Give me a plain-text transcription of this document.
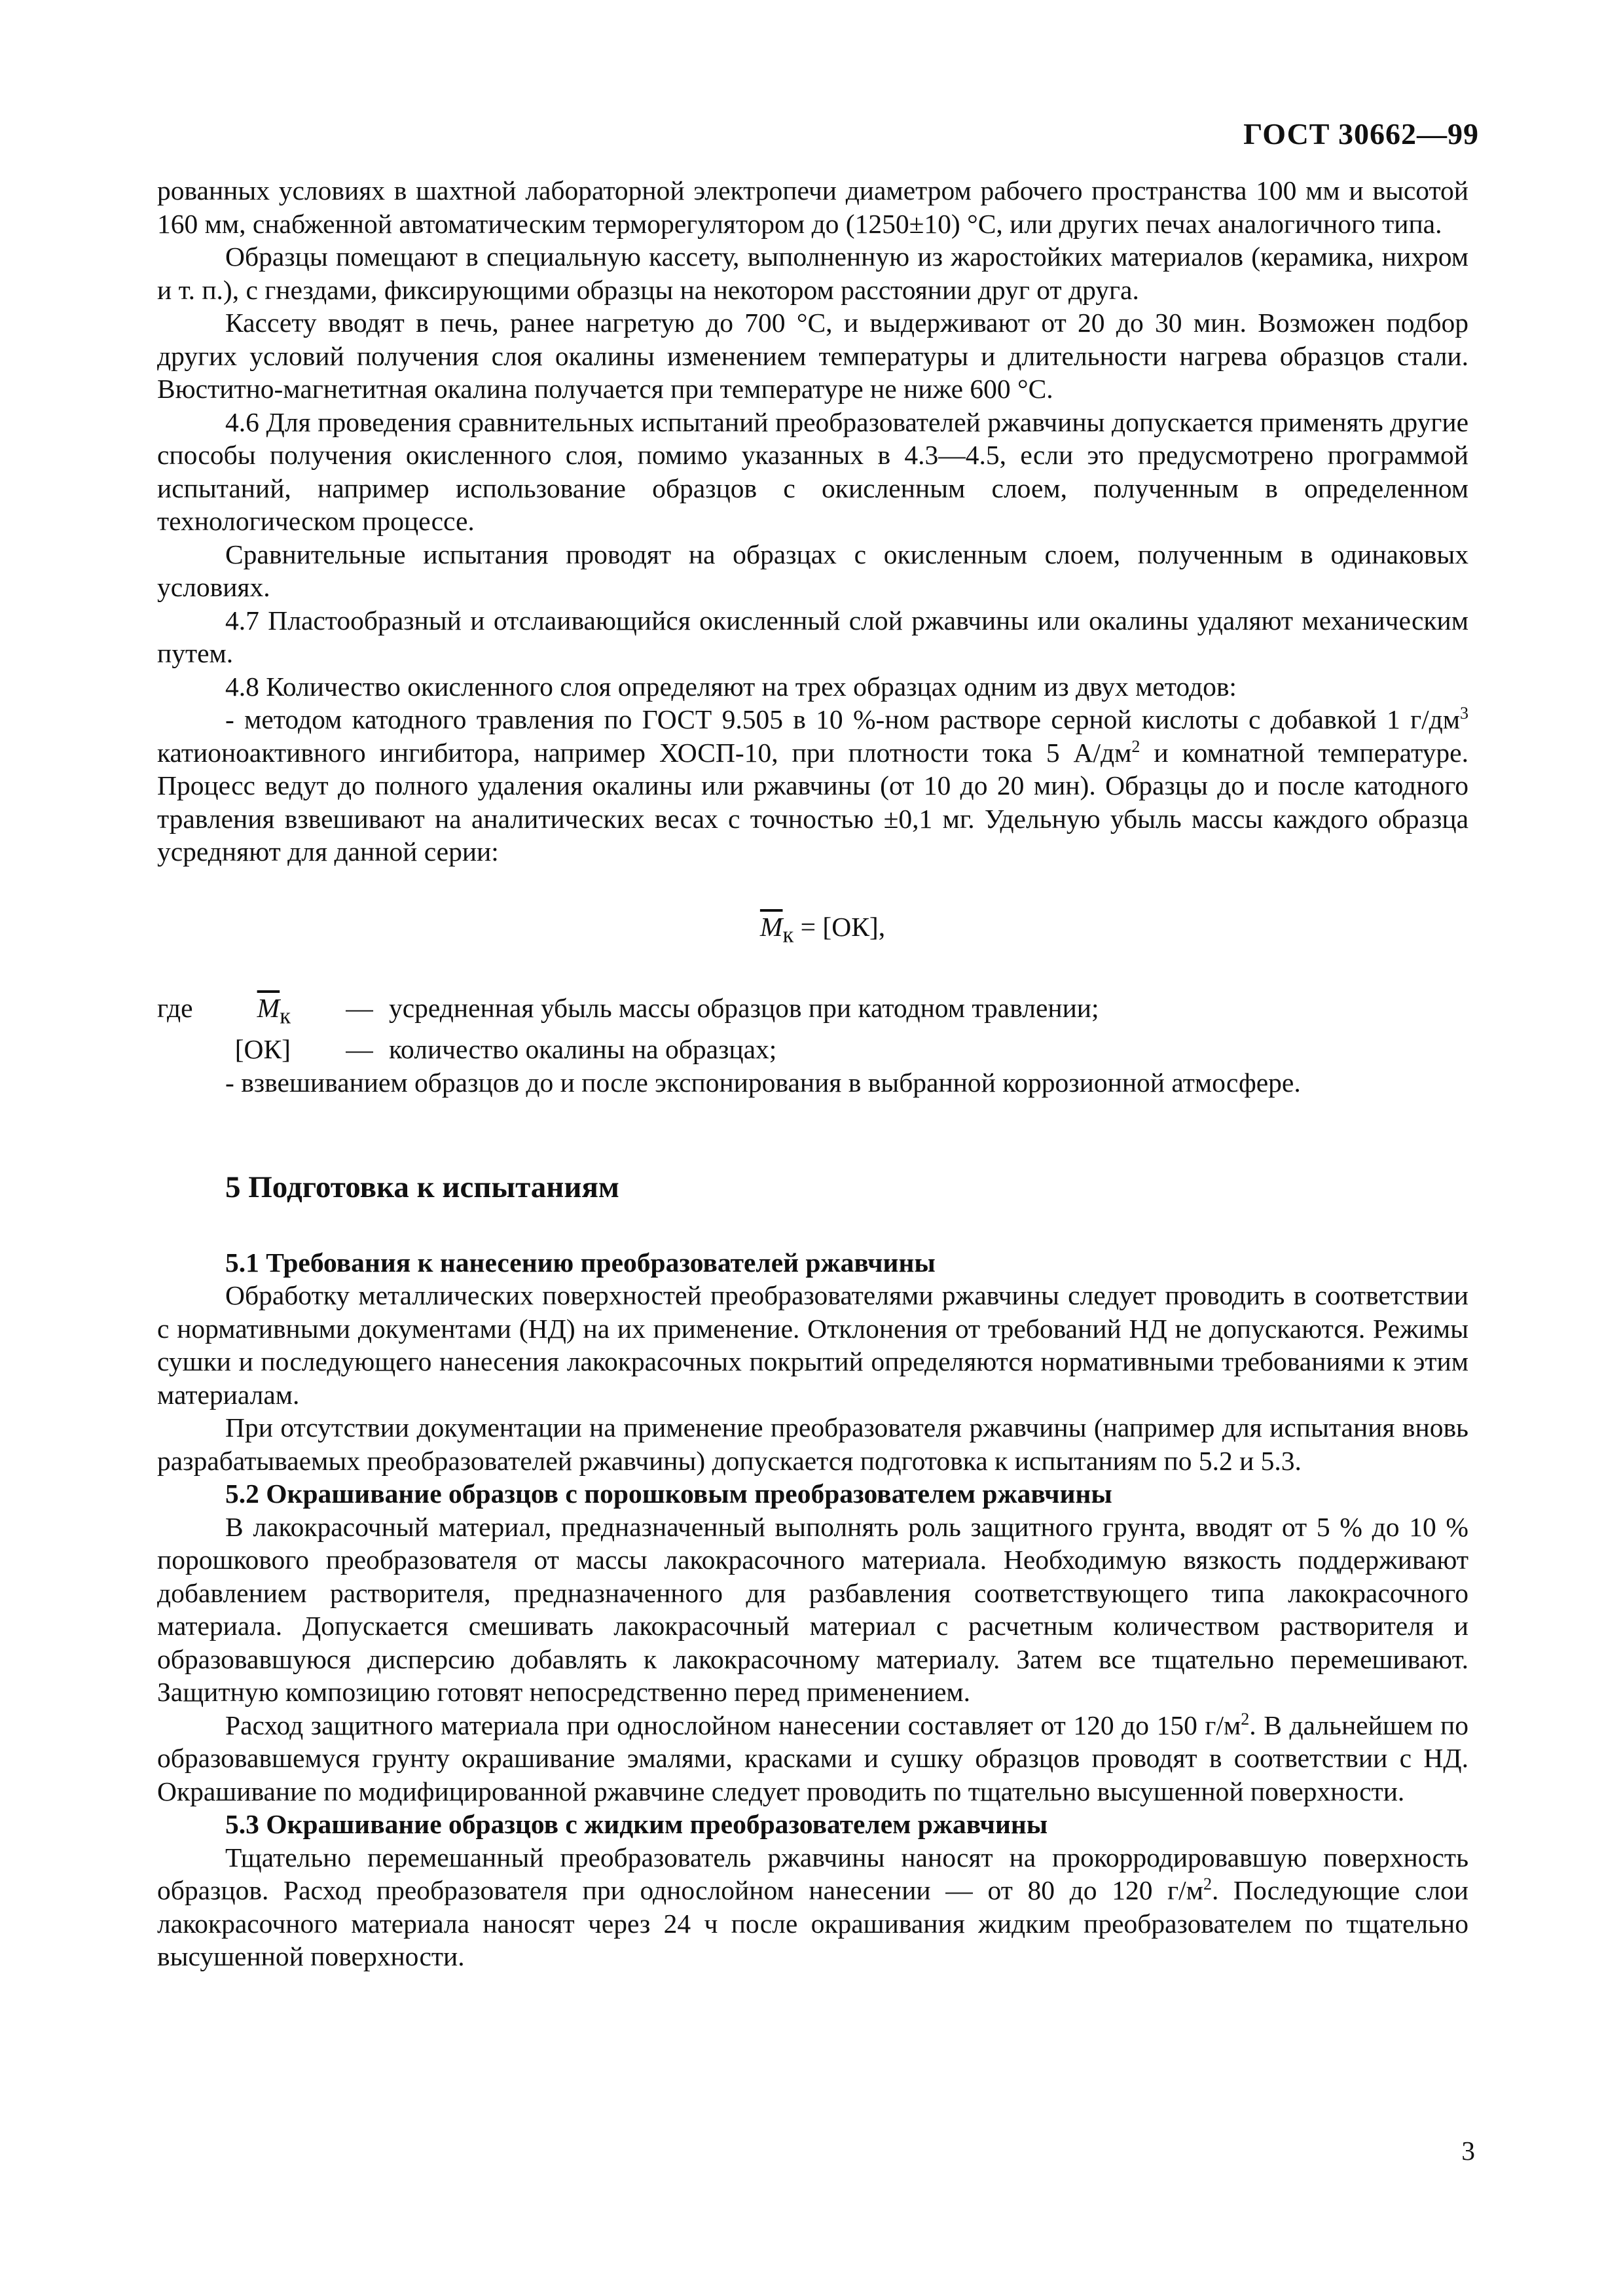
ГОСТ 30662—99

рованных условиях в шахтной лабораторной электропечи диаметром рабочего пространства 100 мм и высотой 160 мм, снабженной автоматическим терморегулятором до (1250±10) °С, или других печах аналогичного типа.

Образцы помещают в специальную кассету, выполненную из жаростойких материалов (керамика, нихром и т. п.), с гнездами, фиксирующими образцы на некотором расстоянии друг от друга.

Кассету вводят в печь, ранее нагретую до 700 °С, и выдерживают от 20 до 30 мин. Возможен подбор других условий получения слоя окалины изменением температуры и длительности нагрева образцов стали. Вюститно-магнетитная окалина получается при температуре не ниже 600 °С.

4.6 Для проведения сравнительных испытаний преобразователей ржавчины допускается применять другие способы получения окисленного слоя, помимо указанных в 4.3—4.5, если это предусмотрено программой испытаний, например использование образцов с окисленным слоем, полученным в определенном технологическом процессе.

Сравнительные испытания проводят на образцах с окисленным слоем, полученным в одинаковых условиях.

4.7 Пластообразный и отслаивающийся окисленный слой ржавчины или окалины удаляют механическим путем.

4.8 Количество окисленного слоя определяют на трех образцах одним из двух методов:

- методом катодного травления по ГОСТ 9.505 в 10 %-ном растворе серной кислоты с добавкой 1 $г/дм^3$ катионоактивного ингибитора, например ХОСП-10, при плотности тока 5 $А/дм^2$ и комнатной температуре. Процесс ведут до полного удаления окалины или ржавчины (от 10 до 20 мин). Образцы до и после катодного травления взвешивают на аналитических весах с точностью ±0,1 мг. Удельную убыль массы каждого образца усредняют для данной серии:

$\overline{M}_к = [ОК]$,
где $\overline{M}_к$	— усредненная убыль массы образцов при катодном травлении;
[ОК]	— количество окалины на образцах;

- взвешиванием образцов до и после экспонирования в выбранной коррозионной атмосфере.

5 Подготовка к испытаниям

5.1 Требования к нанесению преобразователей ржавчины

Обработку металлических поверхностей преобразователями ржавчины следует проводить в соответствии с нормативными документами (НД) на их применение. Отклонения от требований НД не допускаются. Режимы сушки и последующего нанесения лакокрасочных покрытий определяются нормативными требованиями к этим материалам.

При отсутствии документации на применение преобразователя ржавчины (например для испытания вновь разрабатываемых преобразователей ржавчины) допускается подготовка к испытаниям по 5.2 и 5.3.

5.2 Окрашивание образцов с порошковым преобразователем ржавчины

В лакокрасочный материал, предназначенный выполнять роль защитного грунта, вводят от 5 % до 10 % порошкового преобразователя от массы лакокрасочного материала. Необходимую вязкость поддерживают добавлением растворителя, предназначенного для разбавления соответствующего типа лакокрасочного материала. Допускается смешивать лакокрасочный материал с расчетным количеством растворителя и образовавшуюся дисперсию добавлять к лакокрасочному материалу. Затем все тщательно перемешивают. Защитную композицию готовят непосредственно перед применением.

Расход защитного материала при однослойном нанесении составляет от 120 до 150 $г/м^2$. В дальнейшем по образовавшемуся грунту окрашивание эмалями, красками и сушку образцов проводят в соответствии с НД. Окрашивание по модифицированной ржавчине следует проводить по тщательно высушенной поверхности.

5.3 Окрашивание образцов с жидким преобразователем ржавчины

Тщательно перемешанный преобразователь ржавчины наносят на прокорродировавшую поверхность образцов. Расход преобразователя при однослойном нанесении — от 80 до 120 $г/м^2$. Последующие слои лакокрасочного материала наносят через 24 ч после окрашивания жидким преобразователем по тщательно высушенной поверхности.

3
